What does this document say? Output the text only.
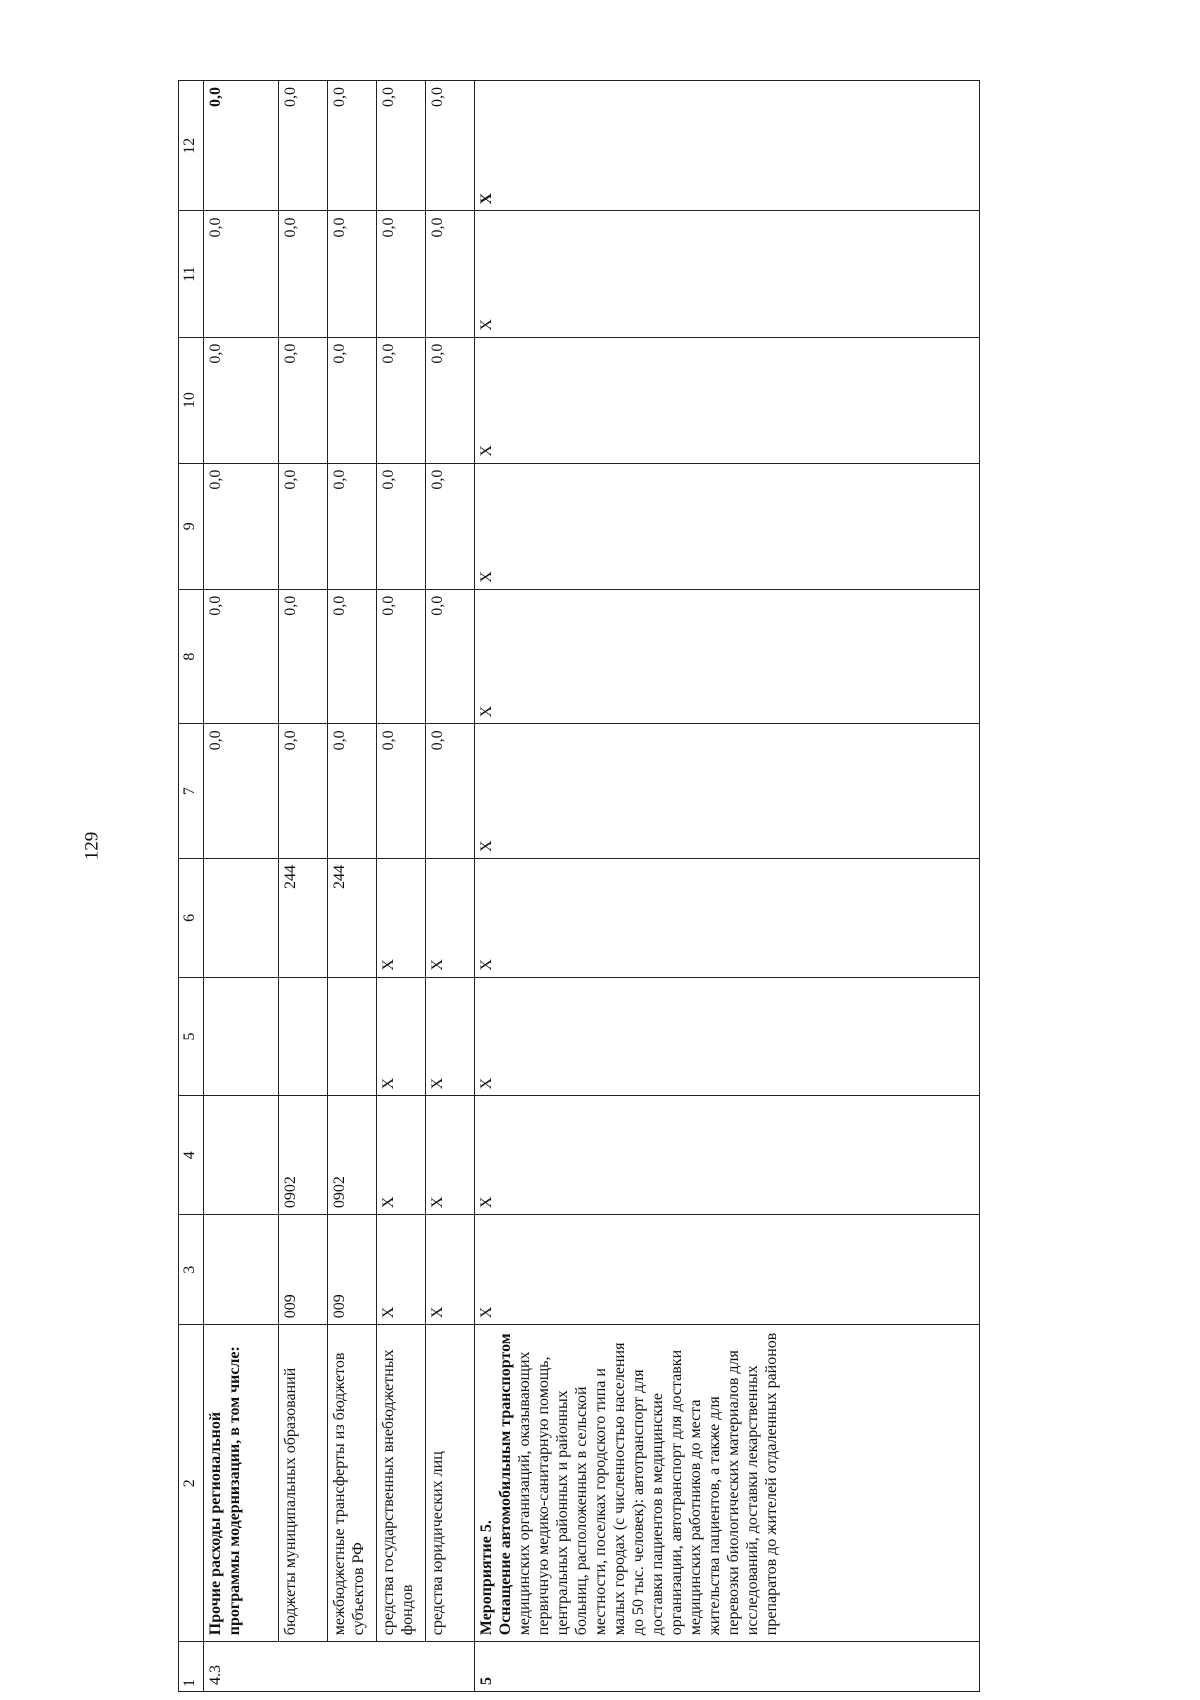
129
1	2	3	4	5	6	7	8	9	10	11	12
4.3	Прочие расходы региональной программы модернизации, в том числе:					0,0	0,0	0,0	0,0	0,0	0,0
	бюджеты муниципальных образований	009	0902		244	0,0	0,0	0,0	0,0	0,0	0,0
	межбюджетные трансферты из бюджетов субъектов РФ	009	0902		244	0,0	0,0	0,0	0,0	0,0	0,0
	средства государственных внебюджетных фондов	X	X	X	X	0,0	0,0	0,0	0,0	0,0	0,0
	средства юридических лиц	X	X	X	X	0,0	0,0	0,0	0,0	0,0	0,0
5	Мероприятие 5. Оснащение автомобильным транспортом медицинских организаций, оказывающих первичную медико-санитарную помощь, центральных районных и районных больниц, расположенных в сельской местности, поселках городского типа и малых городах (с численностью населения до 50 тыс. человек): автотранспорт для доставки пациентов в медицинские организации, автотранспорт для доставки медицинских работников до места жительства пациентов, а также для перевозки биологических материалов для исследований, доставки лекарственных препаратов до жителей отдаленных районов	X	X	X	X	X	X	X	X	X	X
